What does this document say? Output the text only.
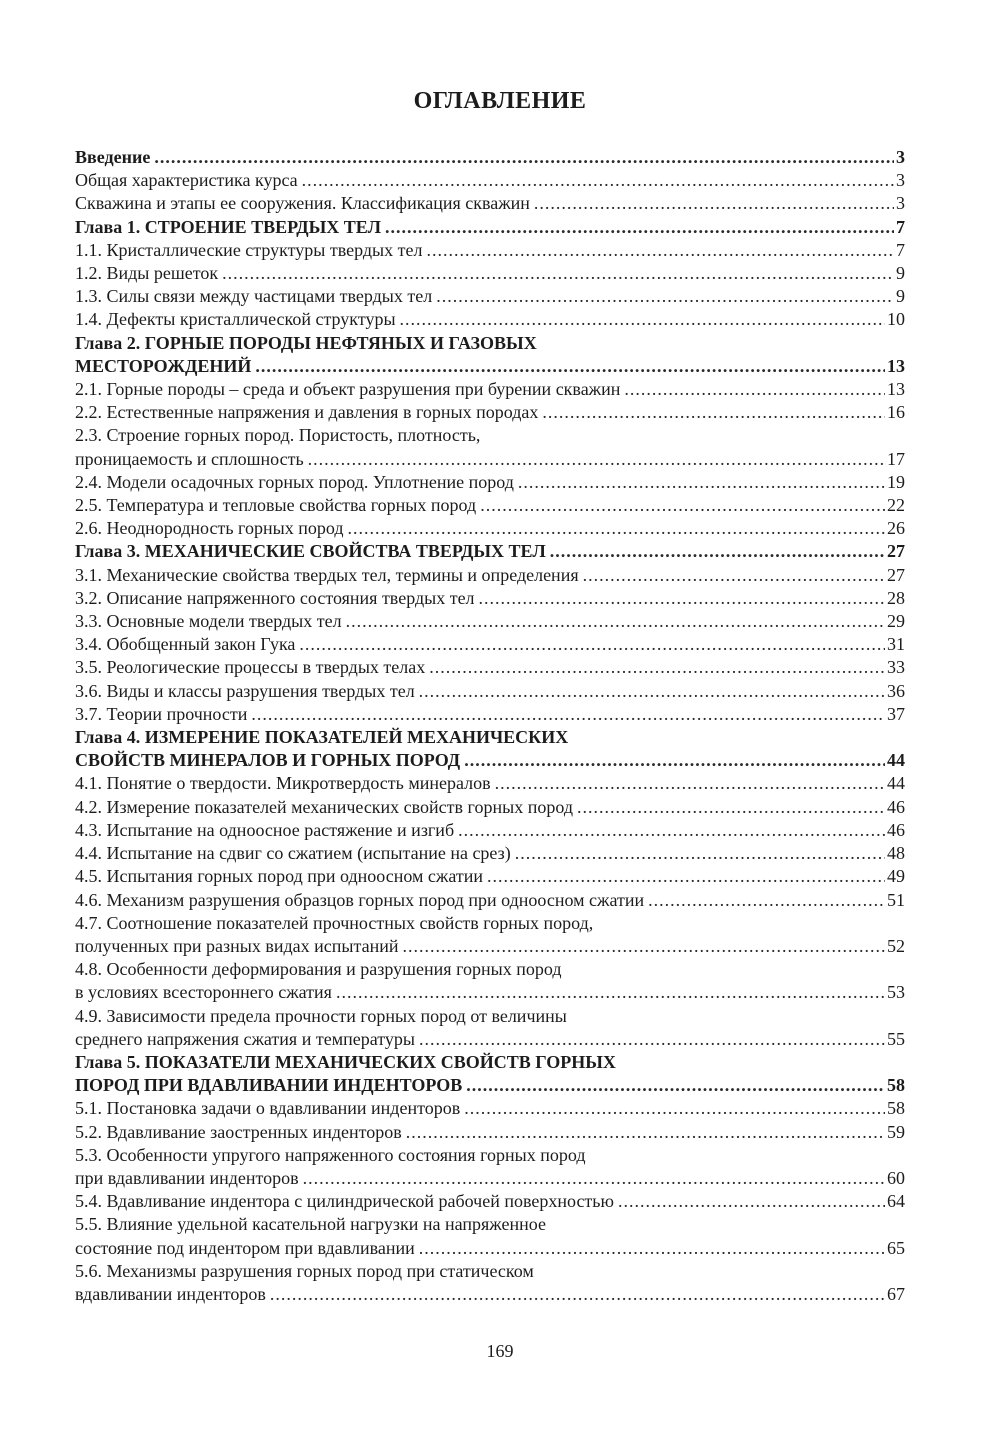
ОГЛАВЛЕНИЕ
Введение .....	3
Общая характеристика курса .....	3
Скважина и этапы ее сооружения. Классификация скважин .....	3
Глава 1. СТРОЕНИЕ ТВЕРДЫХ ТЕЛ .....	7
1.1. Кристаллические структуры твердых тел .....	7
1.2. Виды решеток .....	9
1.3. Силы связи между частицами твердых тел .....	9
1.4. Дефекты кристаллической структуры .....	10
Глава 2. ГОРНЫЕ ПОРОДЫ НЕФТЯНЫХ И ГАЗОВЫХ
МЕСТОРОЖДЕНИЙ .....	13
2.1. Горные породы – среда и объект разрушения при бурении скважин .....	13
2.2. Естественные напряжения и давления в горных породах .....	16
2.3. Строение горных пород. Пористость, плотность,
проницаемость и сплошность .....	17
2.4. Модели осадочных горных пород. Уплотнение пород .....	19
2.5. Температура и тепловые свойства горных пород .....	22
2.6. Неоднородность горных пород .....	26
Глава 3. МЕХАНИЧЕСКИЕ СВОЙСТВА ТВЕРДЫХ ТЕЛ .....	27
3.1. Механические свойства твердых тел, термины и определения .....	27
3.2. Описание напряженного состояния твердых тел .....	28
3.3. Основные модели твердых тел .....	29
3.4. Обобщенный закон Гука .....	31
3.5. Реологические процессы в твердых телах .....	33
3.6. Виды и классы разрушения твердых тел .....	36
3.7. Теории прочности .....	37
Глава 4. ИЗМЕРЕНИЕ ПОКАЗАТЕЛЕЙ МЕХАНИЧЕСКИХ
СВОЙСТВ МИНЕРАЛОВ И ГОРНЫХ ПОРОД .....	44
4.1. Понятие о твердости. Микротвердость минералов .....	44
4.2. Измерение показателей механических свойств горных пород .....	46
4.3. Испытание на одноосное растяжение и изгиб .....	46
4.4. Испытание на сдвиг со сжатием (испытание на срез) .....	48
4.5. Испытания горных пород при одноосном сжатии .....	49
4.6. Механизм разрушения образцов горных пород при одноосном сжатии .....	51
4.7. Соотношение показателей прочностных свойств горных пород,
полученных при разных видах испытаний .....	52
4.8. Особенности деформирования и разрушения горных пород
в условиях всестороннего сжатия .....	53
4.9. Зависимости предела прочности горных пород от величины
среднего напряжения сжатия и температуры .....	55
Глава 5. ПОКАЗАТЕЛИ МЕХАНИЧЕСКИХ СВОЙСТВ ГОРНЫХ
ПОРОД ПРИ ВДАВЛИВАНИИ ИНДЕНТОРОВ .....	58
5.1. Постановка задачи о вдавливании инденторов .....	58
5.2. Вдавливание заостренных инденторов .....	59
5.3. Особенности упругого напряженного состояния горных пород
при вдавливании инденторов .....	60
5.4. Вдавливание индентора с цилиндрической рабочей поверхностью .....	64
5.5. Влияние удельной касательной нагрузки на напряженное
состояние под индентором при вдавливании .....	65
5.6. Механизмы разрушения горных пород при статическом
вдавливании инденторов .....	67
169
